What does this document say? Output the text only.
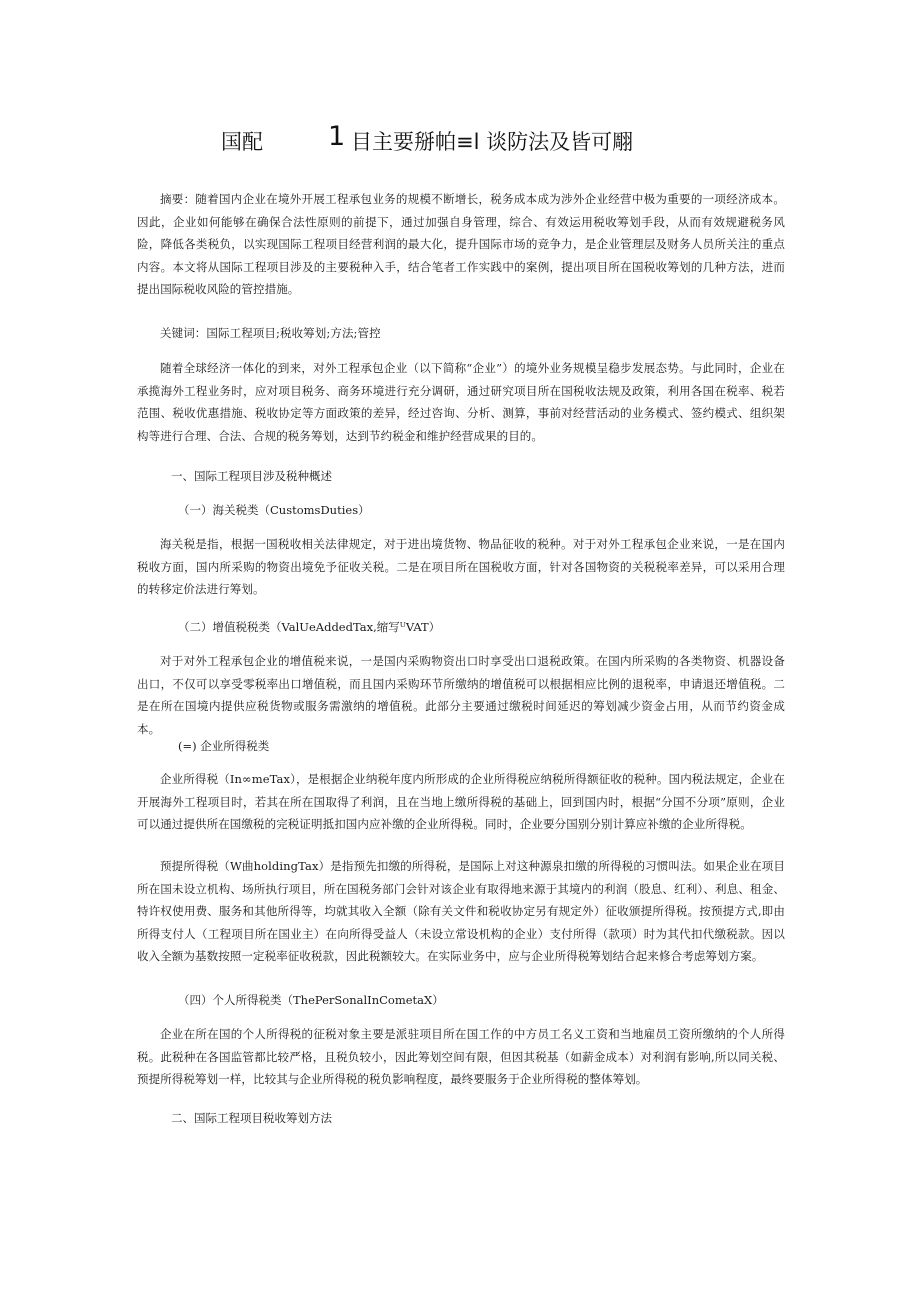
国配 1 目主要掰帕≡l 谈防法及皆可翢

摘要：随着国内企业在境外开展工程承包业务的规模不断增长，税务成本成为涉外企业经营中极为重要的一项经济成本。因此，企业如何能够在确保合法性原则的前提下，通过加强自身管理，综合、有效运用税收筹划手段，从而有效规避税务风险，降低各类税负，以实现国际工程项目经营利润的最大化，提升国际市场的竞争力，是企业管理层及财务人员所关注的重点内容。本文将从国际工程项目涉及的主要税种入手，结合笔者工作实践中的案例，提出项目所在国税收筹划的几种方法，进而提出国际税收风险的管控措施。

关键词：国际工程项目;税收筹划;方法;管控

随着全球经济一体化的到来，对外工程承包企业（以下简称“企业”）的境外业务规模呈稳步发展态势。与此同时，企业在承揽海外工程业务时，应对项目税务、商务环境进行充分调研，通过研究项目所在国税收法规及政策，利用各国在税率、税若范围、税收优惠措施、税收协定等方面政策的差异，经过咨询、分析、测算，事前对经营活动的业务模式、签约模式、组织架构等进行合理、合法、合规的税务筹划，达到节约税金和维护经营成果的目的。

一、国际工程项目涉及税种概述
（一）海关税类（CustomsDuties）

海关税是指，根据一国税收相关法律规定，对于进出境货物、物品征收的税种。对于对外工程承包企业来说，一是在国内税收方面，国内所采购的物资出境免予征收关税。二是在项目所在国税收方面，针对各国物资的关税税率差异，可以采用合理的转移定价法进行筹划。

（二）增值税税类（ValUeAddedTax,缩写ᵁVAT）

对于对外工程承包企业的增值税来说，一是国内采购物资出口时享受出口退税政策。在国内所采购的各类物资、机器设备出口，不仅可以享受零税率出口增值税，而且国内采购环节所缴纳的增值税可以根据相应比例的退税率，申请退还增值税。二是在所在国境内提供应税货物或服务需激纳的增值税。此部分主要通过缴税时间延迟的筹划减少资金占用，从而节约资金成本。

(=) 企业所得税类

企业所得税（In∞meTax），是根据企业纳税年度内所形成的企业所得税应纳税所得额征收的税种。国内税法规定，企业在开展海外工程项目时，若其在所在国取得了利润，且在当地上缴所得税的基础上，回到国内时，根据“分国不分项”原则，企业可以通过提供所在国缴税的完税证明抵扣国内应补缴的企业所得税。同时，企业要分国别分别计算应补缴的企业所得税。

预提所得税（W曲holdingTax）是指预先扣缴的所得税，是国际上对这种源泉扣缴的所得税的习惯叫法。如果企业在项目所在国未设立机构、场所执行项目，所在国税务部门会针对该企业有取得地来源于其境内的利润（股息、红利）、利息、租金、特许权使用费、服务和其他所得等，均就其收入全额（除有关文件和税收协定另有规定外）征收颁提所得税。按预提方式,即由所得支付人（工程项目所在国业主）在向所得受益人（未设立常设机构的企业）支付所得（款项）时为其代扣代缴税款。因以收入全额为基数按照一定税率征收税款，因此税额较大。在实际业务中，应与企业所得税筹划结合起来修合考虑筹划方案。

（四）个人所得税类（ThePerSonalInCometaX）

企业在所在国的个人所得税的征税对象主要是派驻项目所在国工作的中方员工名义工资和当地雇员工资所缴纳的个人所得税。此税种在各国监管都比较严格，且税负较小，因此筹划空间有限，但因其税基（如薪金成本）对利润有影响,所以同关税、预提所得税筹划一样，比较其与企业所得税的税负影响程度，最终要服务于企业所得税的整体筹划。

二、国际工程项目税收筹划方法
